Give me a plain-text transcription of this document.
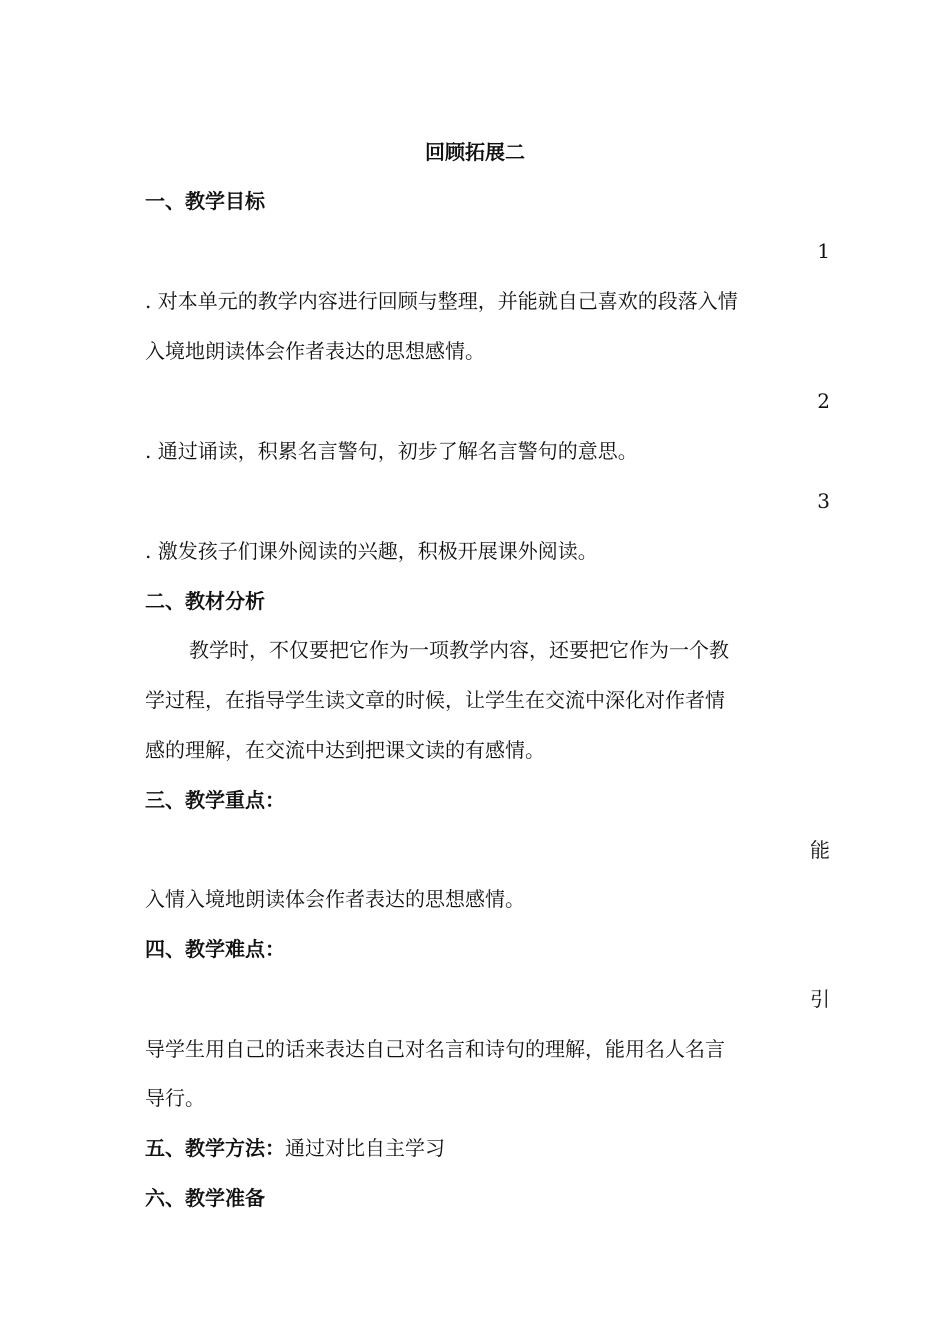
回顾拓展二
一、教学目标
1
. 对本单元的教学内容进行回顾与整理，并能就自己喜欢的段落入情
入境地朗读体会作者表达的思想感情。
2
. 通过诵读，积累名言警句，初步了解名言警句的意思。
3
. 激发孩子们课外阅读的兴趣，积极开展课外阅读。
二、教材分析
教学时，不仅要把它作为一项教学内容，还要把它作为一个教
学过程，在指导学生读文章的时候，让学生在交流中深化对作者情
感的理解，在交流中达到把课文读的有感情。
三、教学重点：
能
入情入境地朗读体会作者表达的思想感情。
四、教学难点：
引
导学生用自己的话来表达自己对名言和诗句的理解，能用名人名言
导行。
五、教学方法：通过对比自主学习
六、教学准备
